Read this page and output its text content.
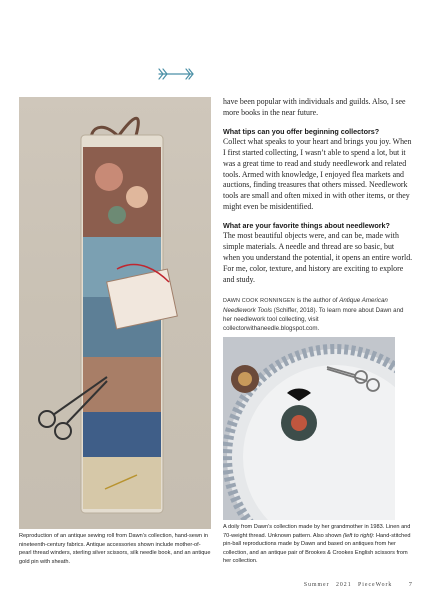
Reproduction of an antique sewing roll from Dawn’s collection, hand-sewn in nineteenth-century fabrics. Antique accessories shown include mother-of-pearl thread winders, sterling silver scissors, silk needle book, and an antique gold pin with sheath.

have been popular with individuals and guilds. Also, I see more books in the near future.

What tips can you offer beginning collectors?

Collect what speaks to your heart and brings you joy. When I first started collecting, I wasn’t able to spend a lot, but it was a great time to read and study needlework and related tools. Armed with knowledge, I enjoyed flea markets and auctions, finding treasures that others missed. Needlework tools are small and often mixed in with other items, or they might even be misidentified.

What are your favorite things about needlework?

The most beautiful objects were, and can be, made with simple materials. A needle and thread are so basic, but when you understand the potential, it opens an entire world. For me, color, texture, and history are exciting to explore and study.

DAWN COOK RONNINGEN is the author of Antique American Needlework Tools (Schiffer, 2018). To learn more about Dawn and her needlework tool collecting, visit collectorwithaneedle.blogspot.com.

A doily from Dawn’s collection made by her grandmother in 1983. Linen and 70-weight thread. Unknown pattern. Also shown (left to right): Hand-stitched pin-ball reproductions made by Dawn and based on antiques from her collection, and an antique pair of Brookes & Crookes English scissors from her collection.
Summer 2021 PieceWork	7
